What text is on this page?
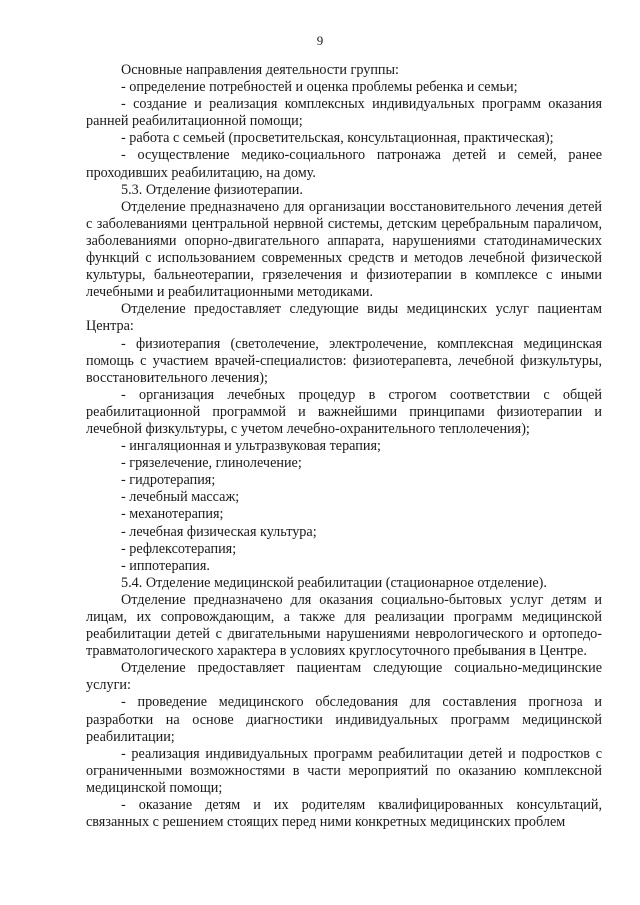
9

Основные направления деятельности группы:

- определение потребностей и оценка проблемы ребенка и семьи;

- создание и реализация комплексных индивидуальных программ оказания ранней реабилитационной помощи;

- работа с семьей (просветительская, консультационная, практическая);

- осуществление медико-социального патронажа детей и семей, ранее проходивших реабилитацию, на дому.

5.3. Отделение физиотерапии.

Отделение предназначено для организации восстановительного лечения детей с заболеваниями центральной нервной системы, детским церебральным параличом, заболеваниями опорно-двигательного аппарата, нарушениями статодинамических функций с использованием современных средств и методов лечебной физической культуры, бальнеотерапии, грязелечения и физиотерапии в комплексе с иными лечебными и реабилитационными методиками.

Отделение предоставляет следующие виды медицинских услуг пациентам Центра:

- физиотерапия (светолечение, электролечение, комплексная медицинская помощь с участием врачей-специалистов: физиотерапевта, лечебной физкультуры, восстановительного лечения);

- организация лечебных процедур в строгом соответствии с общей реабилитационной программой и важнейшими принципами физиотерапии и лечебной физкультуры, с учетом лечебно-охранительного теплолечения);

- ингаляционная и ультразвуковая терапия;

- грязелечение, глинолечение;

- гидротерапия;

- лечебный массаж;

- механотерапия;

- лечебная физическая культура;

- рефлексотерапия;

- иппотерапия.

5.4. Отделение медицинской реабилитации (стационарное отделение).

Отделение предназначено для оказания социально-бытовых услуг детям и лицам, их сопровождающим, а также для реализации программ медицинской реабилитации детей с двигательными нарушениями неврологического и ортопедо-травматологического характера в условиях круглосуточного пребывания в Центре.

Отделение предоставляет пациентам следующие социально-медицинские услуги:

- проведение медицинского обследования для составления прогноза и разработки на основе диагностики индивидуальных программ медицинской реабилитации;

- реализация индивидуальных программ реабилитации детей и подростков с ограниченными возможностями в части мероприятий по оказанию комплексной медицинской помощи;

- оказание детям и их родителям квалифицированных консультаций, связанных с решением стоящих перед ними конкретных медицинских проблем
